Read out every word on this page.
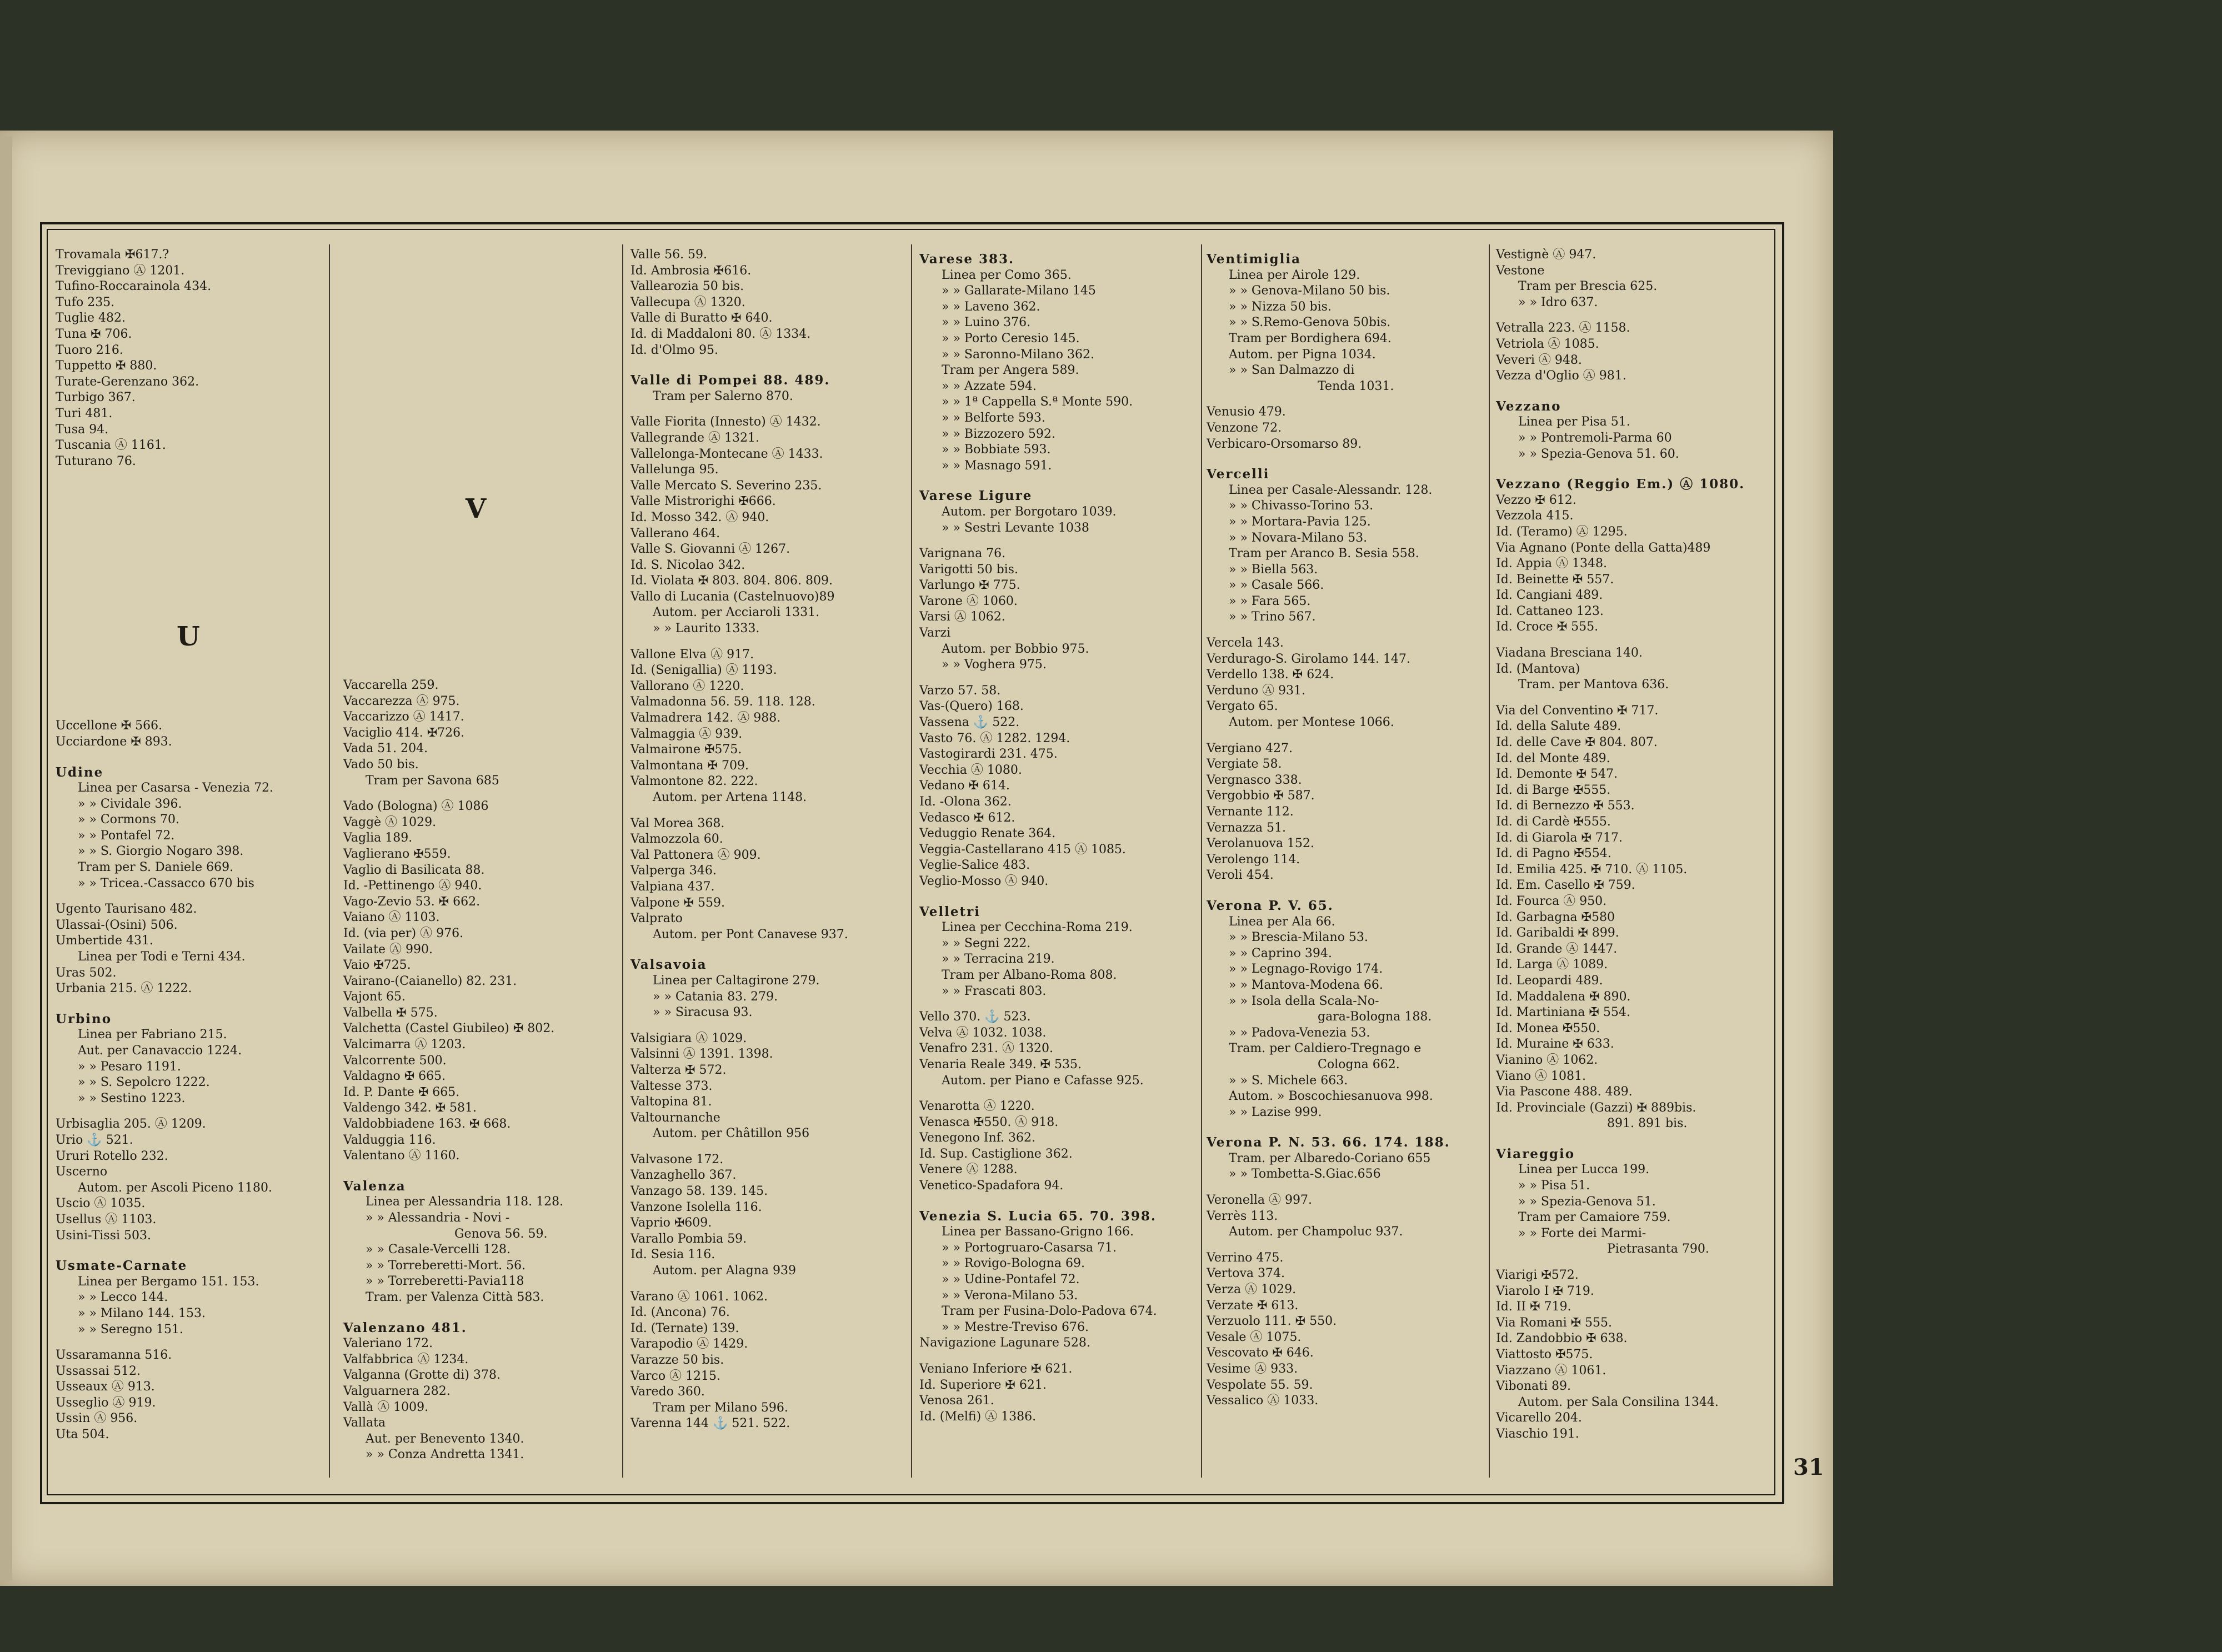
U
V
Trovamala ✠617.?
Treviggiano Ⓐ 1201.
Tufino-Roccarainola 434.
Tufo 235.
Tuglie 482.
Tuna ✠ 706.
Tuoro 216.
Tuppetto ✠ 880.
Turate-Gerenzano 362.
Turbigo 367.
Turi 481.
Tusa 94.
Tuscania Ⓐ 1161.
Tuturano 76.
Uccellone ✠ 566.
Ucciardone ✠ 893.
Udine
Linea per Casarsa - Venezia 72.
» » Cividale 396.
» » Cormons 70.
» » Pontafel 72.
» » S. Giorgio Nogaro 398.
Tram per S. Daniele 669.
» » Tricea.-Cassacco 670 bis
Ugento Taurisano 482.
Ulassai-(Osini) 506.
Umbertide 431.
Linea per Todi e Terni 434.
Uras 502.
Urbania 215. Ⓐ 1222.
Urbino
Linea per Fabriano 215.
Aut. per Canavaccio 1224.
» » Pesaro 1191.
» » S. Sepolcro 1222.
» » Sestino 1223.
Urbisaglia 205. Ⓐ 1209.
Urio ⚓ 521.
Ururi Rotello 232.
Uscerno
Autom. per Ascoli Piceno 1180.
Uscio Ⓐ 1035.
Usellus Ⓐ 1103.
Usini-Tissi 503.
Usmate-Carnate
Linea per Bergamo 151. 153.
» » Lecco 144.
» » Milano 144. 153.
» » Seregno 151.
Ussaramanna 516.
Ussassai 512.
Usseaux Ⓐ 913.
Usseglio Ⓐ 919.
Ussin Ⓐ 956.
Uta 504.
Vaccarella 259.
Vaccarezza Ⓐ 975.
Vaccarizzo Ⓐ 1417.
Vaciglio 414. ✠726.
Vada 51. 204.
Vado 50 bis.
Tram per Savona 685
Vado (Bologna) Ⓐ 1086
Vaggè Ⓐ 1029.
Vaglia 189.
Vaglierano ✠559.
Vaglio di Basilicata 88.
Id. -Pettinengo Ⓐ 940.
Vago-Zevio 53. ✠ 662.
Vaiano Ⓐ 1103.
Id. (via per) Ⓐ 976.
Vailate Ⓐ 990.
Vaio ✠725.
Vairano-(Caianello) 82. 231.
Vajont 65.
Valbella ✠ 575.
Valchetta (Castel Giubileo) ✠ 802.
Valcimarra Ⓐ 1203.
Valcorrente 500.
Valdagno ✠ 665.
Id. P. Dante ✠ 665.
Valdengo 342. ✠ 581.
Valdobbiadene 163. ✠ 668.
Valduggia 116.
Valentano Ⓐ 1160.
Valenza
Linea per Alessandria 118. 128.
» » Alessandria - Novi -
Genova 56. 59.
» » Casale-Vercelli 128.
» » Torreberetti-Mort. 56.
» » Torreberetti-Pavia118
Tram. per Valenza Città 583.
Valenzano 481.
Valeriano 172.
Valfabbrica Ⓐ 1234.
Valganna (Grotte di) 378.
Valguarnera 282.
Vallà Ⓐ 1009.
Vallata
Aut. per Benevento 1340.
» » Conza Andretta 1341.
Valle 56. 59.
Id. Ambrosia ✠616.
Vallearozia 50 bis.
Vallecupa Ⓐ 1320.
Valle di Buratto ✠ 640.
Id. di Maddaloni 80. Ⓐ 1334.
Id. d'Olmo 95.
Valle di Pompei 88. 489.
Tram per Salerno 870.
Valle Fiorita (Innesto) Ⓐ 1432.
Vallegrande Ⓐ 1321.
Vallelonga-Montecane Ⓐ 1433.
Vallelunga 95.
Valle Mercato S. Severino 235.
Valle Mistrorighi ✠666.
Id. Mosso 342. Ⓐ 940.
Vallerano 464.
Valle S. Giovanni Ⓐ 1267.
Id. S. Nicolao 342.
Id. Violata ✠ 803. 804. 806. 809.
Vallo di Lucania (Castelnuovo)89
Autom. per Acciaroli 1331.
» » Laurito 1333.
Vallone Elva Ⓐ 917.
Id. (Senigallia) Ⓐ 1193.
Vallorano Ⓐ 1220.
Valmadonna 56. 59. 118. 128.
Valmadrera 142. Ⓐ 988.
Valmaggia Ⓐ 939.
Valmairone ✠575.
Valmontana ✠ 709.
Valmontone 82. 222.
Autom. per Artena 1148.
Val Morea 368.
Valmozzola 60.
Val Pattonera Ⓐ 909.
Valperga 346.
Valpiana 437.
Valpone ✠ 559.
Valprato
Autom. per Pont Canavese 937.
Valsavoia
Linea per Caltagirone 279.
» » Catania 83. 279.
» » Siracusa 93.
Valsigiara Ⓐ 1029.
Valsinni Ⓐ 1391. 1398.
Valterza ✠ 572.
Valtesse 373.
Valtopina 81.
Valtournanche
Autom. per Châtillon 956
Valvasone 172.
Vanzaghello 367.
Vanzago 58. 139. 145.
Vanzone Isolella 116.
Vaprio ✠609.
Varallo Pombia 59.
Id. Sesia 116.
Autom. per Alagna 939
Varano Ⓐ 1061. 1062.
Id. (Ancona) 76.
Id. (Ternate) 139.
Varapodio Ⓐ 1429.
Varazze 50 bis.
Varco Ⓐ 1215.
Varedo 360.
Tram per Milano 596.
Varenna 144 ⚓ 521. 522.
Varese 383.
Linea per Como 365.
» » Gallarate-Milano 145
» » Laveno 362.
» » Luino 376.
» » Porto Ceresio 145.
» » Saronno-Milano 362.
Tram per Angera 589.
» » Azzate 594.
» » 1ª Cappella S.ª Monte 590.
» » Belforte 593.
» » Bizzozero 592.
» » Bobbiate 593.
» » Masnago 591.
Varese Ligure
Autom. per Borgotaro 1039.
» » Sestri Levante 1038
Varignana 76.
Varigotti 50 bis.
Varlungo ✠ 775.
Varone Ⓐ 1060.
Varsi Ⓐ 1062.
Varzi
Autom. per Bobbio 975.
» » Voghera 975.
Varzo 57. 58.
Vas-(Quero) 168.
Vassena ⚓ 522.
Vasto 76. Ⓐ 1282. 1294.
Vastogirardi 231. 475.
Vecchia Ⓐ 1080.
Vedano ✠ 614.
Id. -Olona 362.
Vedasco ✠ 612.
Veduggio Renate 364.
Veggia-Castellarano 415 Ⓐ 1085.
Veglie-Salice 483.
Veglio-Mosso Ⓐ 940.
Velletri
Linea per Cecchina-Roma 219.
» » Segni 222.
» » Terracina 219.
Tram per Albano-Roma 808.
» » Frascati 803.
Vello 370. ⚓ 523.
Velva Ⓐ 1032. 1038.
Venafro 231. Ⓐ 1320.
Venaria Reale 349. ✠ 535.
Autom. per Piano e Cafasse 925.
Venarotta Ⓐ 1220.
Venasca ✠550. Ⓐ 918.
Venegono Inf. 362.
Id. Sup. Castiglione 362.
Venere Ⓐ 1288.
Venetico-Spadafora 94.
Venezia S. Lucia 65. 70. 398.
Linea per Bassano-Grigno 166.
» » Portogruaro-Casarsa 71.
» » Rovigo-Bologna 69.
» » Udine-Pontafel 72.
» » Verona-Milano 53.
Tram per Fusina-Dolo-Padova 674.
» » Mestre-Treviso 676.
Navigazione Lagunare 528.
Veniano Inferiore ✠ 621.
Id. Superiore ✠ 621.
Venosa 261.
Id. (Melfi) Ⓐ 1386.
Ventimiglia
Linea per Airole 129.
» » Genova-Milano 50 bis.
» » Nizza 50 bis.
» » S.Remo-Genova 50bis.
Tram per Bordighera 694.
Autom. per Pigna 1034.
» » San Dalmazzo di
Tenda 1031.
Venusio 479.
Venzone 72.
Verbicaro-Orsomarso 89.
Vercelli
Linea per Casale-Alessandr. 128.
» » Chivasso-Torino 53.
» » Mortara-Pavia 125.
» » Novara-Milano 53.
Tram per Aranco B. Sesia 558.
» » Biella 563.
» » Casale 566.
» » Fara 565.
» » Trino 567.
Vercela 143.
Verdurago-S. Girolamo 144. 147.
Verdello 138. ✠ 624.
Verduno Ⓐ 931.
Vergato 65.
Autom. per Montese 1066.
Vergiano 427.
Vergiate 58.
Vergnasco 338.
Vergobbio ✠ 587.
Vernante 112.
Vernazza 51.
Verolanuova 152.
Verolengo 114.
Veroli 454.
Verona P. V. 65.
Linea per Ala 66.
» » Brescia-Milano 53.
» » Caprino 394.
» » Legnago-Rovigo 174.
» » Mantova-Modena 66.
» » Isola della Scala-No-
gara-Bologna 188.
» » Padova-Venezia 53.
Tram. per Caldiero-Tregnago e
Cologna 662.
» » S. Michele 663.
Autom. » Boscochiesanuova 998.
» » Lazise 999.
Verona P. N. 53. 66. 174. 188.
Tram. per Albaredo-Coriano 655
» » Tombetta-S.Giac.656
Veronella Ⓐ 997.
Verrès 113.
Autom. per Champoluc 937.
Verrino 475.
Vertova 374.
Verza Ⓐ 1029.
Verzate ✠ 613.
Verzuolo 111. ✠ 550.
Vesale Ⓐ 1075.
Vescovato ✠ 646.
Vesime Ⓐ 933.
Vespolate 55. 59.
Vessalico Ⓐ 1033.
Vestignè Ⓐ 947.
Vestone
Tram per Brescia 625.
» » Idro 637.
Vetralla 223. Ⓐ 1158.
Vetriola Ⓐ 1085.
Veveri Ⓐ 948.
Vezza d'Oglio Ⓐ 981.
Vezzano
Linea per Pisa 51.
» » Pontremoli-Parma 60
» » Spezia-Genova 51. 60.
Vezzano (Reggio Em.) Ⓐ 1080.
Vezzo ✠ 612.
Vezzola 415.
Id. (Teramo) Ⓐ 1295.
Via Agnano (Ponte della Gatta)489
Id. Appia Ⓐ 1348.
Id. Beinette ✠ 557.
Id. Cangiani 489.
Id. Cattaneo 123.
Id. Croce ✠ 555.
Viadana Bresciana 140.
Id. (Mantova)
Tram. per Mantova 636.
Via del Conventino ✠ 717.
Id. della Salute 489.
Id. delle Cave ✠ 804. 807.
Id. del Monte 489.
Id. Demonte ✠ 547.
Id. di Barge ✠555.
Id. di Bernezzo ✠ 553.
Id. di Cardè ✠555.
Id. di Giarola ✠ 717.
Id. di Pagno ✠554.
Id. Emilia 425. ✠ 710. Ⓐ 1105.
Id. Em. Casello ✠ 759.
Id. Fourca Ⓐ 950.
Id. Garbagna ✠580
Id. Garibaldi ✠ 899.
Id. Grande Ⓐ 1447.
Id. Larga Ⓐ 1089.
Id. Leopardi 489.
Id. Maddalena ✠ 890.
Id. Martiniana ✠ 554.
Id. Monea ✠550.
Id. Muraine ✠ 633.
Vianino Ⓐ 1062.
Viano Ⓐ 1081.
Via Pascone 488. 489.
Id. Provinciale (Gazzi) ✠ 889bis.
891. 891 bis.
Viareggio
Linea per Lucca 199.
» » Pisa 51.
» » Spezia-Genova 51.
Tram per Camaiore 759.
» » Forte dei Marmi-
Pietrasanta 790.
Viarigi ✠572.
Viarolo I ✠ 719.
Id. II ✠ 719.
Via Romani ✠ 555.
Id. Zandobbio ✠ 638.
Viattosto ✠575.
Viazzano Ⓐ 1061.
Vibonati 89.
Autom. per Sala Consilina 1344.
Vicarello 204.
Viaschio 191.
31
